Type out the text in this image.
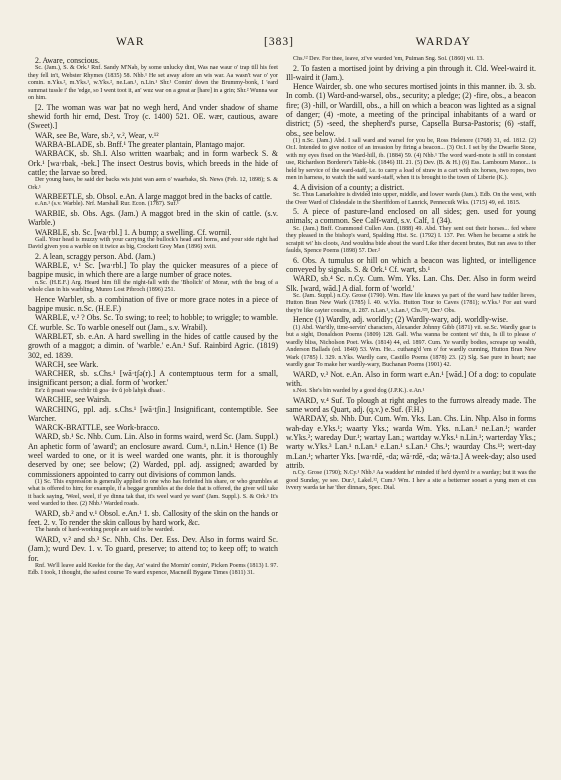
WAR	[383]	WARDAY

2. Aware, conscious.

Sc. (Jam.), S. & Ork.¹ Rnf. Sandy M'Nab, by some unlucky dint, Was nae waur o' trap till his feet they fell in't, Webster Rhymes (1835) 58. Nhb.¹ He set away afore an wis war. Aa wasn't war o' yor comin. n.Yks.², m.Yks.¹, w.Yks.², ne.Lan.¹, n.Lin.¹ Shr.¹ Comin' down the Brummy-bonk, I 'eard summat tussle i' the 'edge, so I went toot it, an' wuz war on a great ar [hare] in a grin; Shr.² Wunna war on him.

[2. The woman was war þat no wegh herd, And vnder shadow of shame shewid forth hir ernd, Dest. Troy (c. 1400) 521. OE. wær, cautious, aware (Sweet).]

WAR, see Be, Ware, sb.², v.², Wear, v.¹²

WARBA-BLADE, sb. Bnff.¹ The greater plantain, Plantago major.

WARBACK, sb. Sh.I. Also written waarbak; and in form warbeck S. & Ork.¹ [wa·rbak, -bek.] The insect Oestrus bovis, which breeds in the hide of cattle; the larvae so bred.

Der young baes, be said der backs wis juist wan aem o' waarbaks, Sh. News (Feb. 12, 1898); S. & Ork.¹

WARBEETLE, sb. Obsol. e.An. A large maggot bred in the backs of cattle.

e.An.¹ (s.v. Warble). Nrf. Marshall Rur. Econ. (1787). Suf.¹

WARBIE, sb. Obs. Ags. (Jam.) A maggot bred in the skin of cattle. (s.v. Warble.)

WARBLE, sb. Sc. [wa·rbl.] 1. A bump; a swelling. Cf. wornil.

Gall. Your head is muzzy with your carrying the bullock's head and horns, and your side right had David given you a warble on it twice as big, Crockett Grey Man (1896) xviii.

2. A lean, scraggy person. Abd. (Jam.)

WARBLE, v.¹ Sc. [wa·rbl.] To play the quicker measures of a piece of bagpipe music, in which there are a large number of grace notes.

n.Sc. (H.E.F.) Arg. Heard him fill the night-fall with the 'Bholich' of Morar, with the brag of a whole clan in his warbling, Munro Lost Pibroch (1896) 251.

Hence Warbler, sb. a combination of five or more grace notes in a piece of bagpipe music. n.Sc. (H.E.F.)

WARBLE, v.² ? Obs. Sc. To swing; to reel; to hobble; to wriggle; to wamble. Cf. wurble. Sc. To warble oneself out (Jam., s.v. Wrabil).

WARBLET, sb. e.An. A hard swelling in the hides of cattle caused by the growth of a maggot; a dimin. of 'warble.' e.An.¹ Suf. Rainbird Agric. (1819) 302, ed. 1839.

WARCH, see Wark.

WARCHER, sb. s.Chs.¹ [wā·tʃə(r).] A contemptuous term for a small, insignificant person; a dial. form of 'worker.'

Ee'z ŭ praati waa·rchŭr tŭ goa· ŭv ŭ job lahyk dhaat·.

WARCHIE, see Wairsh.

WARCHING, ppl. adj. s.Chs.¹ [wā·tʃin.] Insignificant, contemptible. See Warcher.

WARCK-BRATTLE, see Work-bracco.

WARD, sb.¹ Sc. Nhb. Cum. Lin. Also in forms waird, werd Sc. (Jam. Suppl.) An aphetic form of 'award'; an enclosure award. Cum.¹, n.Lin.¹ Hence (1) Be weel warded to one, or it is weel warded one wants, phr. it is thoroughly deserved by one; see below; (2) Warded, ppl. adj. assigned; awarded by commissioners appointed to carry out divisions of common lands.

(1) Sc. This expression is generally applied to one who has forfeited his share, or who grumbles at what is offered to him; for example, if a beggar grumbles at the dole that is offered, the giver will take it back saying, 'Weel, weel, if ye dinna tak that, it's weel ward ye want' (Jam. Suppl.). S. & Ork.¹ It's weel warded to thee. (2) Nhb.¹ Warded roads.

WARD, sb.² and v.¹ Obsol. e.An.¹ 1. sb. Callosity of the skin on the hands or feet. 2. v. To render the skin callous by hard work, &c.

The hands of hard-working people are said to be warded.

WARD, v.² and sb.³ Sc. Nhb. Chs. Der. Ess. Dev. Also in forms waird Sc. (Jam.); wurd Dev. 1. v. To guard, preserve; to attend to; to keep off; to watch for.

Rnf. We'll leave auld Keekie for the day, An' waird the Mornin' comin', Picken Poems (1813) I. 97. Edb. I took, I thought, the safest course To ward expence, Macneill Bygane Times (1811) 31.

Chs.¹² Dev. For thee, leave, zi've wurded 'em, Pulman Sng. Sol. (1860) vii. 13.

2. To fasten a mortised joint by driving a pin through it. Cld. Weel-waird it. Ill-waird it (Jam.).

Hence Wairder, sb. one who secures mortised joints in this manner. ib. 3. sb. In comb. (1) Ward-and-warsel, obs., security; a pledge; (2) -fire, obs., a beacon fire; (3) -hill, or Wardill, obs., a hill on which a beacon was lighted as a signal of danger; (4) -mote, a meeting of the principal inhabitants of a ward or district; (5) -seed, the shepherd's purse, Capsella Bursa-Pastoris; (6) -staff, obs., see below.

(1) n.Sc. (Jam.) Abd. I sall ward and warsel for you be, Ross Helenore (1768) 31, ed. 1812. (2) Or.I. Intended to give notice of an invasion by firing a beacon... (3) Or.I. I set by the Dwarfie Stone, with my eyes fixed on the Ward-hill, ib. (1884) 59. (4) Nhb.¹ The word ward-mote is still in constant use, Richardson Borderer's Table-bk. (1846) III. 21. (5) Dev. (B. & H.) (6) Ess. Lambourn Manor... is held by service of the ward-staff, i.e. to carry a load of straw in a cart with six horses, two ropes, two men in harness, to watch the said ward-staff, when it is brought to the town of Liberie (K.).

4. A division of a county; a district.

Sc. Thus Lanarkshire is divided into upper, middle, and lower wards (Jam.). Edb. On the west, with the Over Ward of Clidesdale in the Sheriffdom of Lanrick, Pennecuik Wks. (1715) 49, ed. 1815.

5. A piece of pasture-land enclosed on all sides; gen. used for young animals; a common. See Calf-ward, s.v. Calf, 1 (34).

Sc. (Jam.) Bnff. Crammond Cullen Ann. (1888) 49. Abd. They sent out their horses... fed where they pleased in the bishop's ward, Spalding Hist. Sc. (1792) I. 137. Per. When he became a stirk he scraipit wi' his cloots, And wouldna bide about the ward Like ither decent brutes, But ran awa to ither faulds, Spence Poems (1898) 57. Der.²

6. Obs. A tumulus or hill on which a beacon was lighted, or intelligence conveyed by signals. S. & Ork.¹ Cf. wart, sb.¹

WARD, sb.⁴ Sc. n.Cy. Cum. Wm. Yks. Lan. Chs. Der. Also in form weird Slk. [ward, wād.] A dial. form of 'world.'

Sc. (Jam. Suppl.) n.Cy. Grose (1790). Wm. Haw lile knaws ya part of the ward haw tudder lieves, Hutton Bran New Wark (1785) l. 40. w.Yks. Hutton Tour to Caves (1781); w.Yks.¹ For aut ward they're like cayter cousins, ii. 287. n.Lan.¹, s.Lan.¹, Chs.¹²³, Der.¹ Obs.

Hence (1) Wardly, adj. worldly; (2) Wardly-wary, adj. worldly-wise.

(1) Abd. War'dly, time-servin' characters, Alexander Johnny Gibb (1871) vii. se.Sc. Wardly gear is but a sight, Donaldson Poems (1809) 128. Gall. Wha wanna be content wi' this, Is ill to please o' wardly bliss, Nicholson Poet. Wks. (1814) 44, ed. 1897. Cum. Ye wardly bodies, screape up wealth, Anderson Ballads (ed. 1840) 53. Wm. He... cuthang'd 'em o' for wardly cunning, Hutton Bran New Wark (1785) l. 329. n.Yks. Wardly care, Castillo Poems (1878) 23. (2) Slg. Sae pure in heart; nae wardly gear To make her wardly-wary, Buchanan Poems (1901) 42.

WARD, v.³ Not. e.An. Also in form wart e.An.¹ [wād.] Of a dog: to copulate with.

s.Not. She's bin warded by a good dog (J.P.K.). e.An.¹

WARD, v.⁴ Suf. To plough at right angles to the furrows already made. The same word as Quart, adj. (q.v.) e.Suf. (F.H.)

WARDAY, sb. Nhb. Dur. Cum. Wm. Yks. Lan. Chs. Lin. Nhp. Also in forms wah-day e.Yks.¹; waarty Yks.; warda Wm. Yks. n.Lan.¹ ne.Lan.¹; warder w.Yks.²; wareday Dur.¹; wartay Lan.; wartday w.Yks.¹ n.Lin.¹; warterday Yks.; warty w.Yks.³ Lan.¹ n.Lan.¹ e.Lan.¹ s.Lan.¹ Chs.¹; waurday Chs.¹³; wert-day m.Lan.¹; wharter Yks. [wa·rdē, -da; wā·rdē, -da; wā·tə.] A week-day; also used attrib.

n.Cy. Grose (1790); N.Cy.¹ Nhb.¹ Aa waddent he' minded if he'd dyen'd iv a warday; but it was the good Sunday, ye see. Dur.¹, Lakel.¹², Cum.¹ Wm. I hev a site a betterner sooart a yung men et cus ivvery warda tæ hæ 'ther dinnars, Spec. Dial.
